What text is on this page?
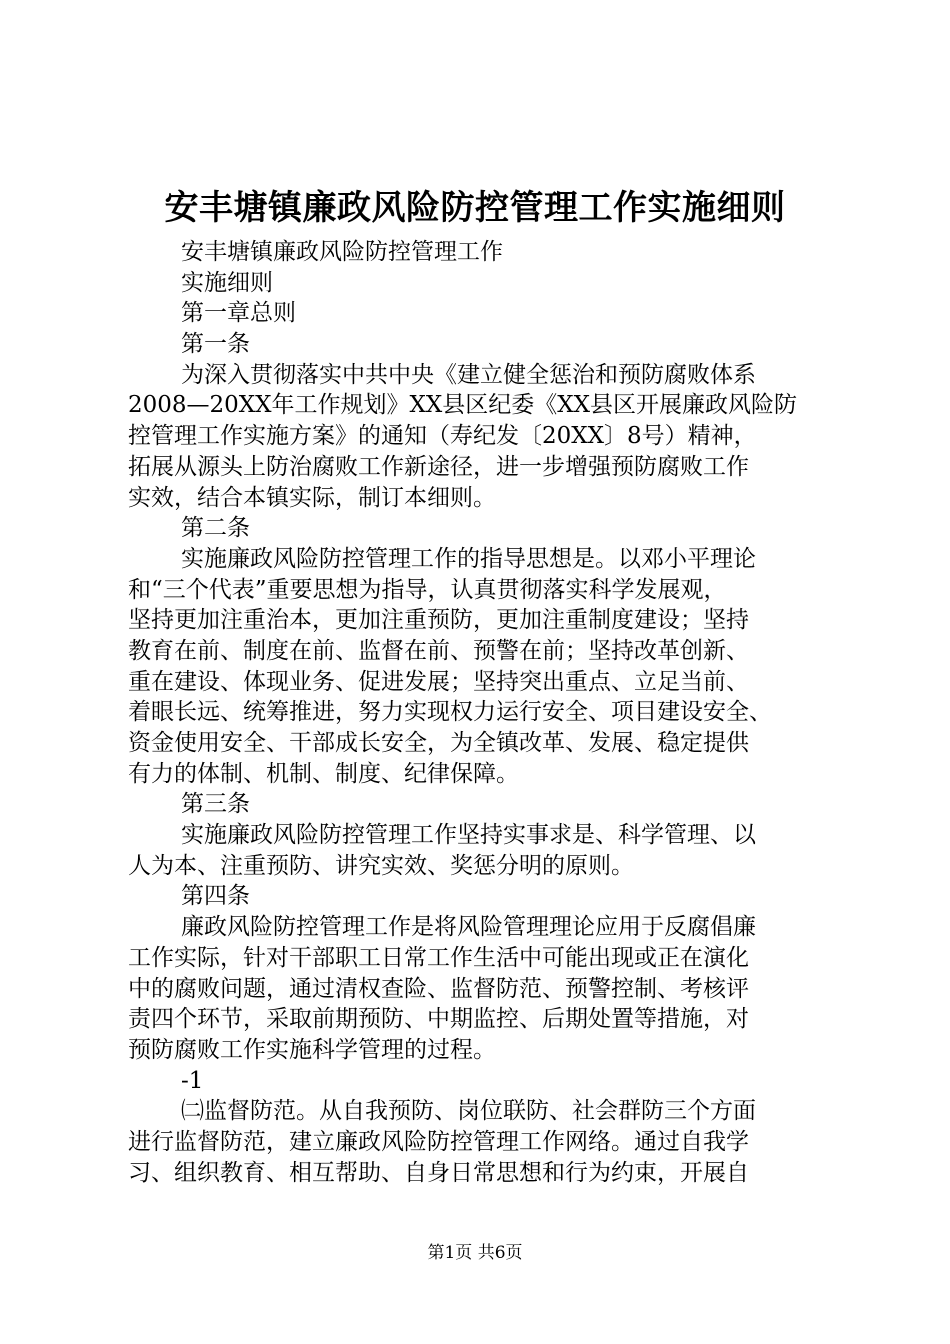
安丰塘镇廉政风险防控管理工作实施细则
安丰塘镇廉政风险防控管理工作
实施细则
第一章总则
第一条
为深入贯彻落实中共中央《建立健全惩治和预防腐败体系
2008—20XX年工作规划》XX县区纪委《XX县区开展廉政风险防
控管理工作实施方案》的通知（寿纪发〔20XX〕8号）精神，
拓展从源头上防治腐败工作新途径，进一步增强预防腐败工作
实效，结合本镇实际，制订本细则。
第二条
实施廉政风险防控管理工作的指导思想是。以邓小平理论
和“三个代表”重要思想为指导，认真贯彻落实科学发展观，
坚持更加注重治本，更加注重预防，更加注重制度建设；坚持
教育在前、制度在前、监督在前、预警在前；坚持改革创新、
重在建设、体现业务、促进发展；坚持突出重点、立足当前、
着眼长远、统筹推进，努力实现权力运行安全、项目建设安全、
资金使用安全、干部成长安全，为全镇改革、发展、稳定提供
有力的体制、机制、制度、纪律保障。
第三条
实施廉政风险防控管理工作坚持实事求是、科学管理、以
人为本、注重预防、讲究实效、奖惩分明的原则。
第四条
廉政风险防控管理工作是将风险管理理论应用于反腐倡廉
工作实际，针对干部职工日常工作生活中可能出现或正在演化
中的腐败问题，通过清权查险、监督防范、预警控制、考核评
责四个环节，采取前期预防、中期监控、后期处置等措施，对
预防腐败工作实施科学管理的过程。
-1
㈡监督防范。从自我预防、岗位联防、社会群防三个方面
进行监督防范，建立廉政风险防控管理工作网络。通过自我学
习、组织教育、相互帮助、自身日常思想和行为约束，开展自
第1页 共6页
